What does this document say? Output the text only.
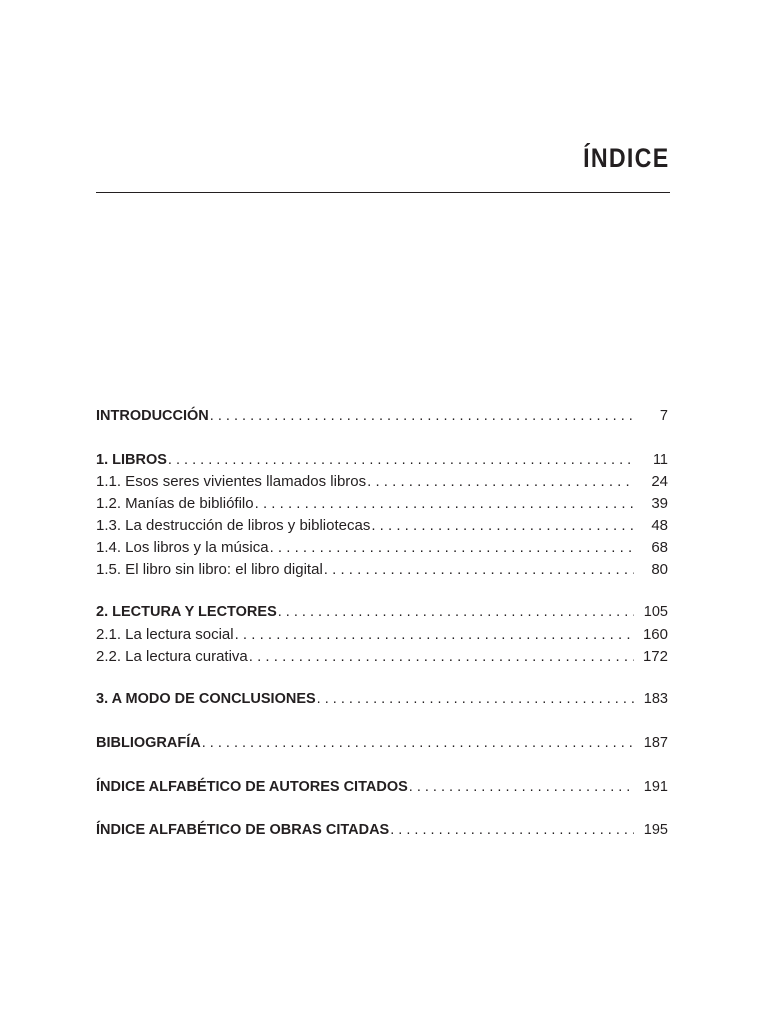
ÍNDICE
INTRODUCCIÓN . . .	7
1. LIBROS . . .	11
1.1. Esos seres vivientes llamados libros . . .	24
1.2. Manías de bibliófilo . . .	39
1.3. La destrucción de libros y bibliotecas . . .	48
1.4. Los libros y la música . . .	68
1.5. El libro sin libro: el libro digital . . .	80
2. LECTURA Y LECTORES . . .	105
2.1. La lectura social . . .	160
2.2. La lectura curativa . . .	172
3. A MODO DE CONCLUSIONES . . .	183
BIBLIOGRAFÍA . . .	187
ÍNDICE ALFABÉTICO DE AUTORES CITADOS . . .	191
ÍNDICE ALFABÉTICO DE OBRAS CITADAS . . .	195
